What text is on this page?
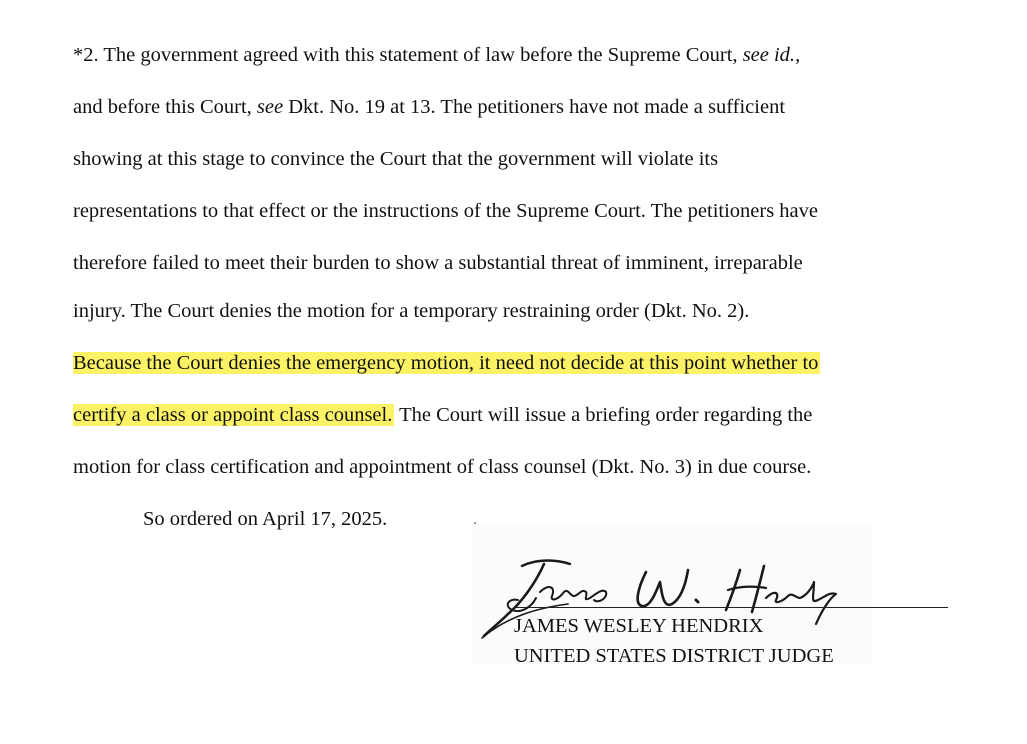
*2. The government agreed with this statement of law before the Supreme Court, see id.,
and before this Court, see Dkt. No. 19 at 13. The petitioners have not made a sufficient
showing at this stage to convince the Court that the government will violate its
representations to that effect or the instructions of the Supreme Court. The petitioners have
therefore failed to meet their burden to show a substantial threat of imminent, irreparable
injury. The Court denies the motion for a temporary restraining order (Dkt. No. 2).
Because the Court denies the emergency motion, it need not decide at this point whether to
certify a class or appoint class counsel. The Court will issue a briefing order regarding the
motion for class certification and appointment of class counsel (Dkt. No. 3) in due course.
So ordered on April 17, 2025.
JAMES WESLEY HENDRIX
UNITED STATES DISTRICT JUDGE
